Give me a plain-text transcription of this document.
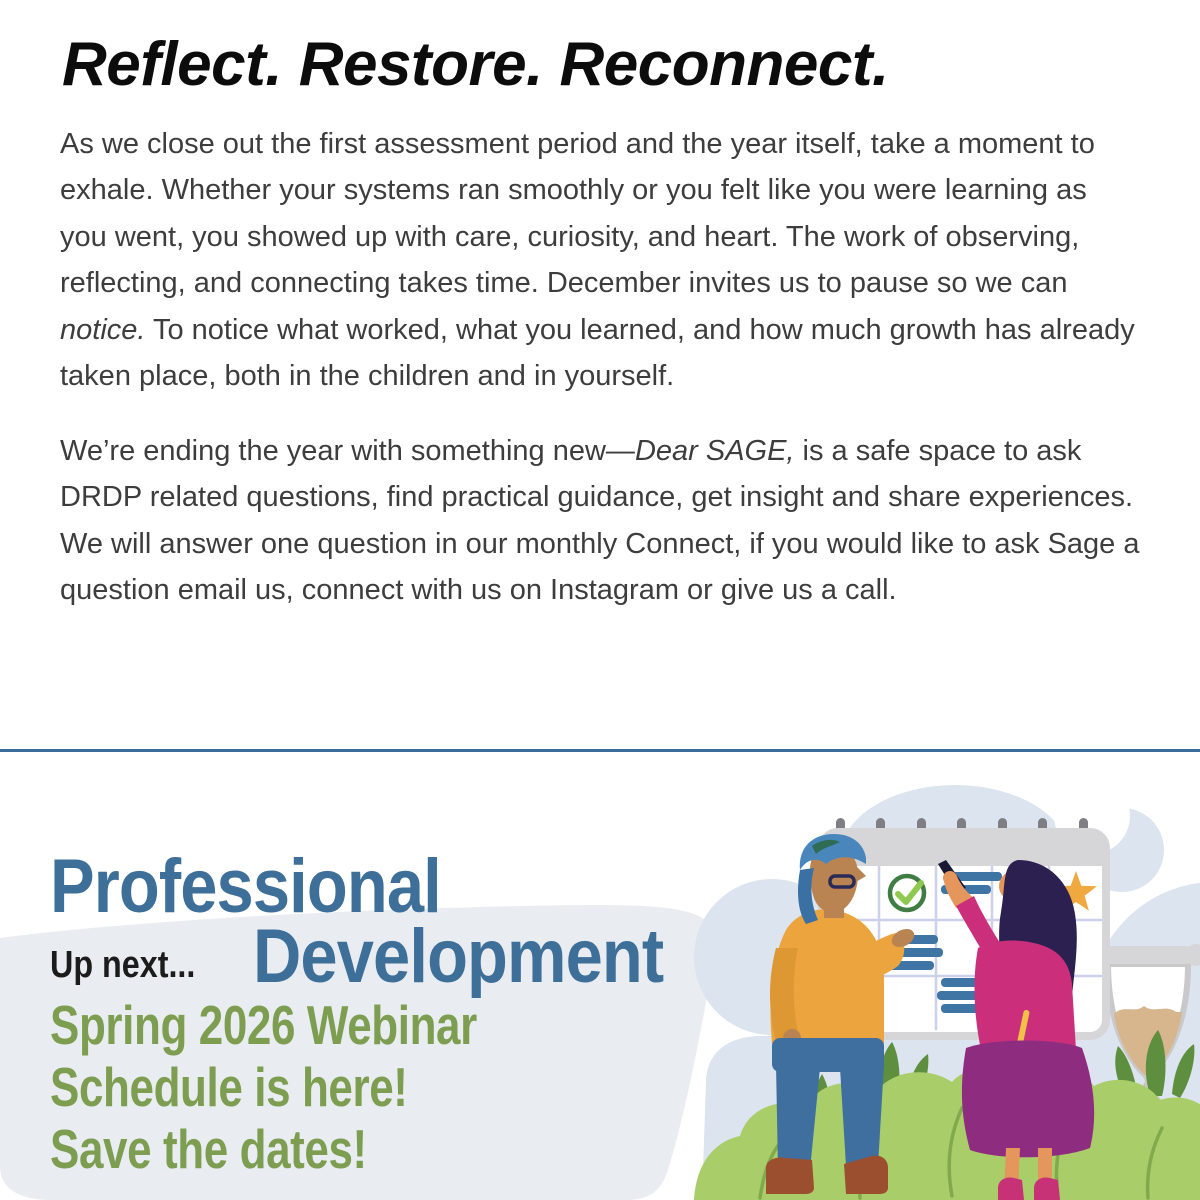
Reflect. Restore. Reconnect.

As we close out the first assessment period and the year itself, take a moment to exhale. Whether your systems ran smoothly or you felt like you were learning as you went, you showed up with care, curiosity, and heart. The work of observing, reflecting, and connecting takes time. December invites us to pause so we can notice. To notice what worked, what you learned, and how much growth has already taken place, both in the children and in yourself.

We’re ending the year with something new—Dear SAGE, is a safe space to ask DRDP related questions, find practical guidance, get insight and share experiences. We will answer one question in our monthly Connect, if you would like to ask Sage a question email us, connect with us on Instagram or give us a call.

Professional
Development
Up next...
Spring 2026 Webinar
Schedule is here!
Save the dates!
